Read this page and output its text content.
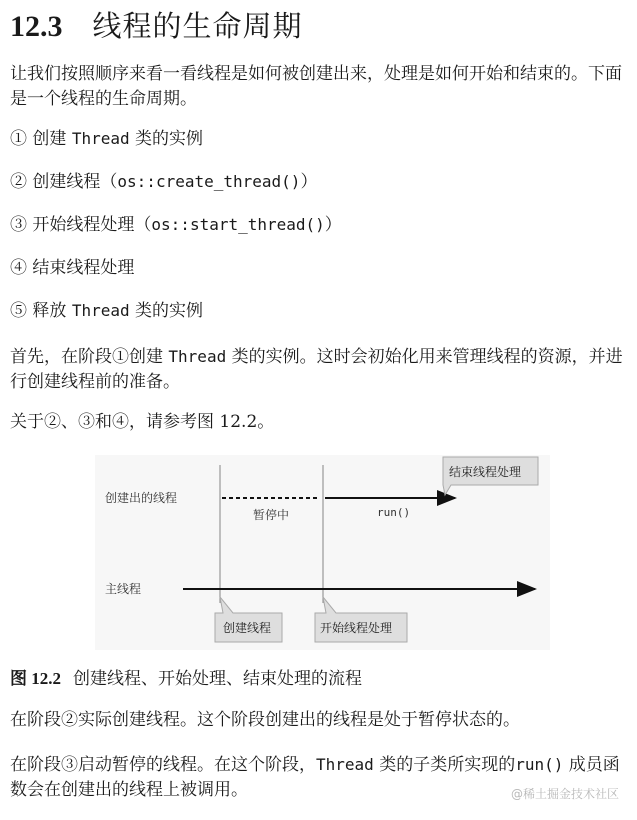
12.3 线程的生命周期
让我们按照顺序来看一看线程是如何被创建出来，处理是如何开始和结束的。下面是一个线程的生命周期。
① 创建 Thread 类的实例
② 创建线程（os::create_thread()）
③ 开始线程处理（os::start_thread()）
④ 结束线程处理
⑤ 释放 Thread 类的实例
首先，在阶段①创建 Thread 类的实例。这时会初始化用来管理线程的资源，并进行创建线程前的准备。
关于②、③和④，请参考图 12.2。
创建出的线程
暂停中	run()
结束线程处理
主线程
创建线程	开始线程处理
图 12.2 创建线程、开始处理、结束处理的流程
在阶段②实际创建线程。这个阶段创建出的线程是处于暂停状态的。
在阶段③启动暂停的线程。在这个阶段，Thread 类的子类所实现的run() 成员函数会在创建出的线程上被调用。	@稀土掘金技术社区
